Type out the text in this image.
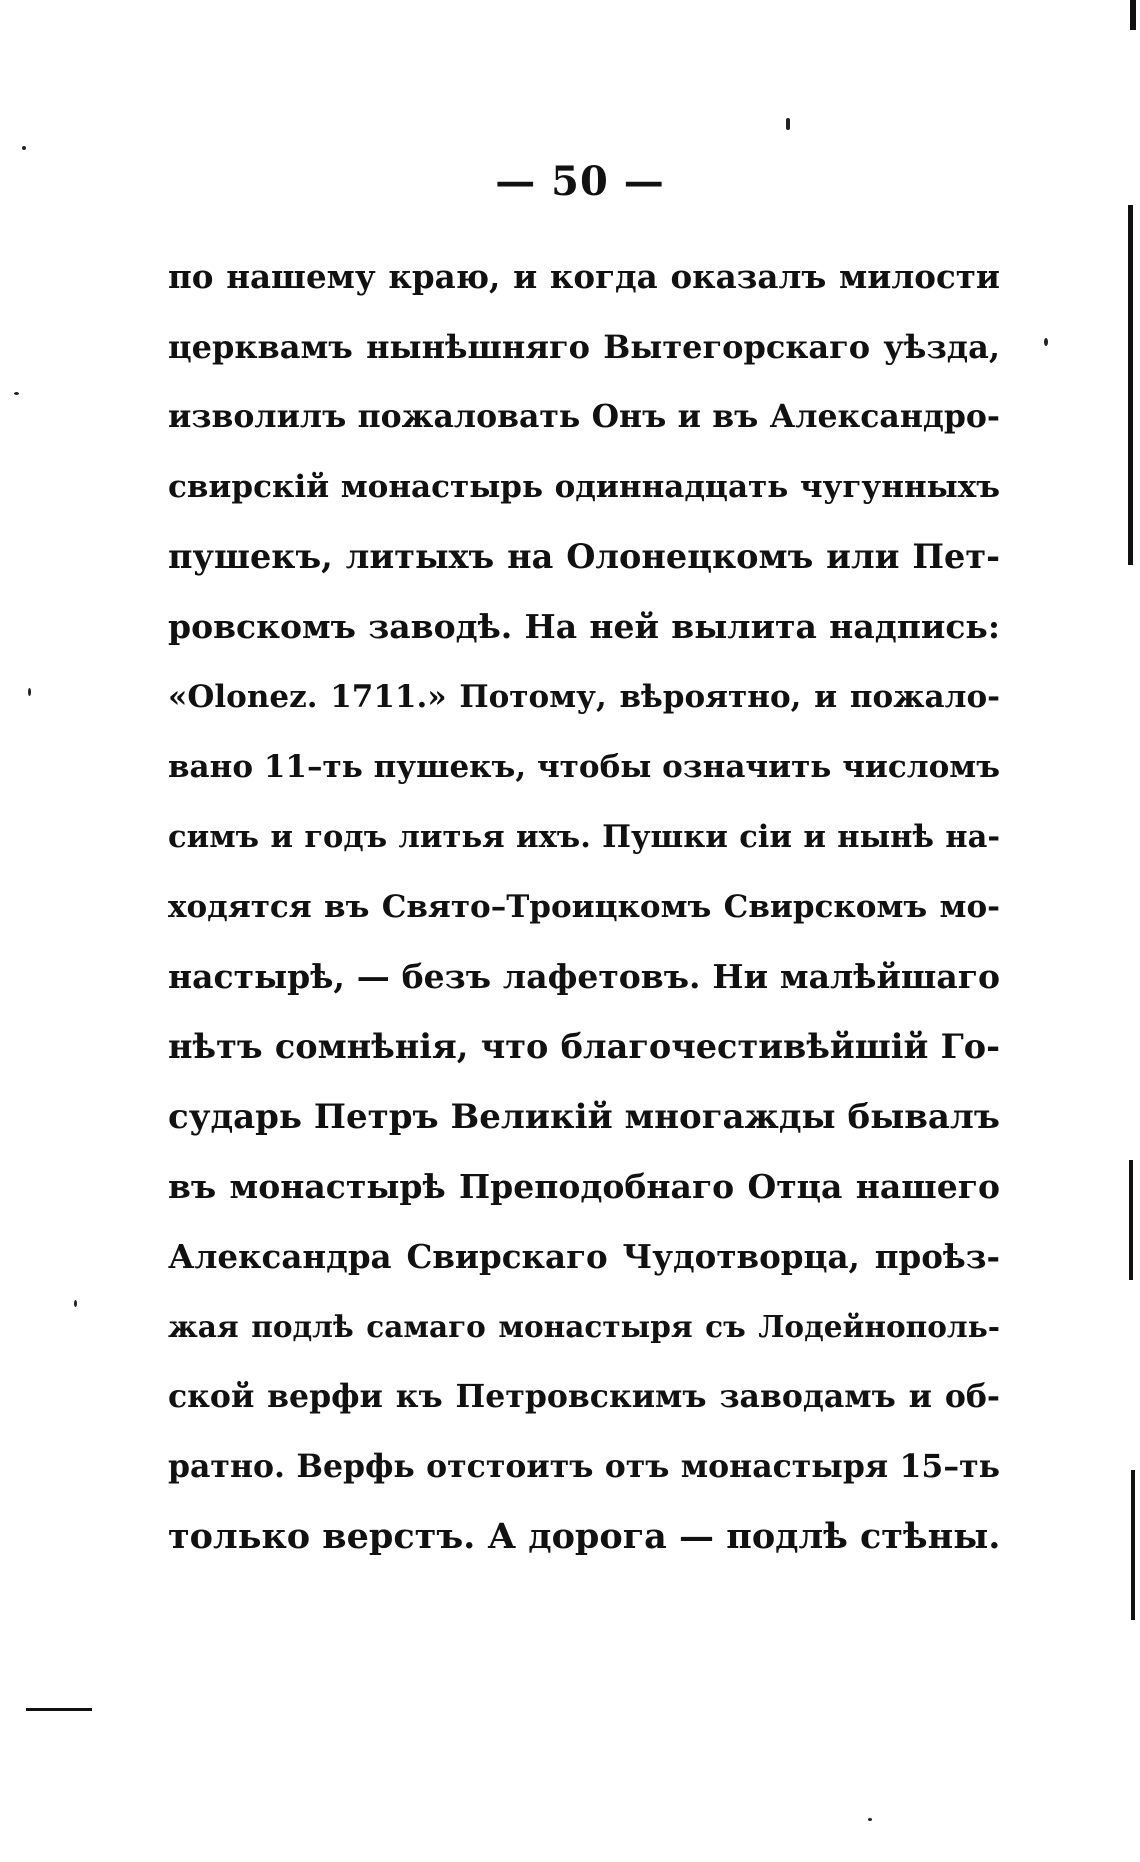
— 50 —
по нашему краю, и когда оказалъ милости
церквамъ нынѣшняго Вытегорскаго уѣзда,
изволилъ пожаловать Онъ и въ Александро-
свирскій монастырь одиннадцать чугунныхъ
пушекъ, литыхъ на Олонецкомъ или Пет-
ровскомъ заводѣ. На ней вылита надпись:
«Olonez. 1711.» Потому, вѣроятно, и пожало-
вано 11–ть пушекъ, чтобы означить числомъ
симъ и годъ литья ихъ. Пушки сіи и нынѣ на-
ходятся въ Свято–Троицкомъ Свирскомъ мо-
настырѣ, — безъ лафетовъ. Ни малѣйшаго
нѣтъ сомнѣнія, что благочестивѣйшій Го-
сударь Петръ Великій многажды бывалъ
въ монастырѣ Преподобнаго Отца нашего
Александра Свирскаго Чудотворца, проѣз-
жая подлѣ самаго монастыря съ Лодейнополь-
ской верфи къ Петровскимъ заводамъ и об-
ратно. Верфь отстоитъ отъ монастыря 15–ть
только верстъ. А дорога — подлѣ стѣны.
